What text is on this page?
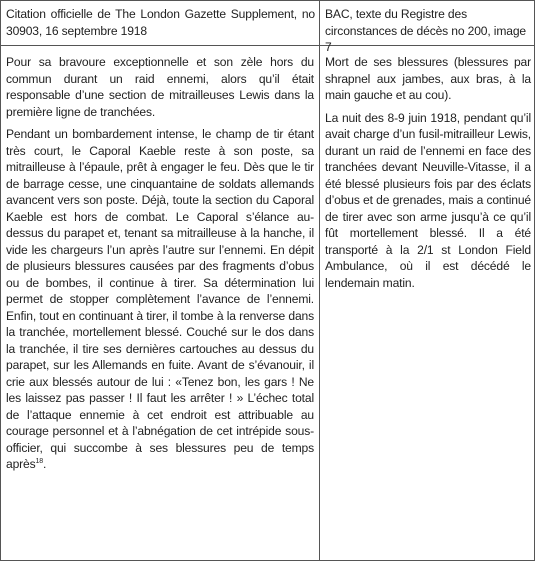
Citation officielle de The London Gazette Supplement, no 30903, 16 septembre 1918

BAC, texte du Registre des circonstances de décès no 200, image 7

Pour sa bravoure exceptionnelle et son zèle hors du commun durant un raid ennemi, alors qu’il était responsable d’une section de mitrailleuses Lewis dans la première ligne de tranchées.

Pendant un bombardement intense, le champ de tir étant très court, le Caporal Kaeble reste à son poste, sa mitrailleuse à l’épaule, prêt à engager le feu. Dès que le tir de barrage cesse, une cinquantaine de soldats allemands avancent vers son poste. Déjà, toute la section du Caporal Kaeble est hors de combat. Le Caporal s’élance au-dessus du parapet et, tenant sa mitrailleuse à la hanche, il vide les chargeurs l’un après l’autre sur l’ennemi. En dépit de plusieurs blessures causées par des fragments d’obus ou de bombes, il continue à tirer. Sa détermination lui permet de stopper complètement l’avance de l’ennemi. Enfin, tout en continuant à tirer, il tombe à la renverse dans la tranchée, mortellement blessé. Couché sur le dos dans la tranchée, il tire ses dernières cartouches au dessus du parapet, sur les Allemands en fuite. Avant de s’évanouir, il crie aux blessés autour de lui : «Tenez bon, les gars ! Ne les laissez pas passer ! Il faut les arrêter ! » L’échec total de l’attaque ennemie à cet endroit est attribuable au courage personnel et à l’abnégation de cet intrépide sous-officier, qui succombe à ses blessures peu de temps après$^{18}$.

Mort de ses blessures (blessures par shrapnel aux jambes, aux bras, à la main gauche et au cou).

La nuit des 8-9 juin 1918, pendant qu’il avait charge d’un fusil-mitrailleur Lewis, durant un raid de l’ennemi en face des tranchées devant Neuville-Vitasse, il a été blessé plusieurs fois par des éclats d’obus et de grenades, mais a continué de tirer avec son arme jusqu’à ce qu’il fût mortellement blessé. Il a été transporté à la 2/1 st London Field Ambulance, où il est décédé le lendemain matin.
